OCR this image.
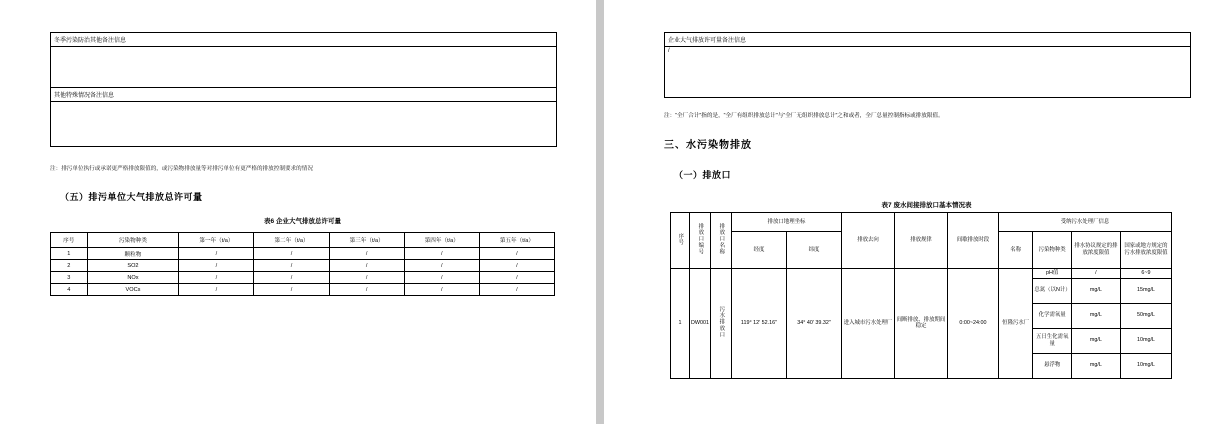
冬季污染防治其他备注信息
其他特殊情况备注信息
注：排污单位执行或承诺更严格排放限值的，或污染物排放量等对排污单位有更严格的排放控制要求的情况
（五）排污单位大气排放总许可量
表6 企业大气排放总许可量
序号	污染物种类	第一年（t/a）	第二年（t/a）	第三年（t/a）	第四年（t/a）	第五年（t/a）
1	颗粒物	/	/	/	/	/
2	SO2	/	/	/	/	/
3	NOx	/	/	/	/	/
4	VOCs	/	/	/	/	/
企业大气排放许可量备注信息
/
注：“全厂合计”指的是，“全厂有组织排放总计”与“全厂无组织排放总计”之和或者，全厂总量控制指标或排放限值。
三、水污染物排放
（一）排放口
表7 废水间接排放口基本情况表
序号	排放口编号	排放口名称	排放口地理坐标		排放去向	排放规律	间歇排放时段	受纳污水处理厂信息			
			经度	纬度				名称	污染物种类	排水协议规定的排放浓度限值	国家或地方规定的污水排放浓度限值

1	DW001	污水排放口	119° 12′ 52.16″	34° 40′ 39.32″	进入城市污水处理厂	间断排放、排放期间稳定	0:00~24:00	恒隆污水厂	pH值	/	6~9
									总氮（以N计）	mg/L	15mg/L
									化学需氧量	mg/L	50mg/L
									五日生化需氧量	mg/L	10mg/L
									悬浮物	mg/L	10mg/L
